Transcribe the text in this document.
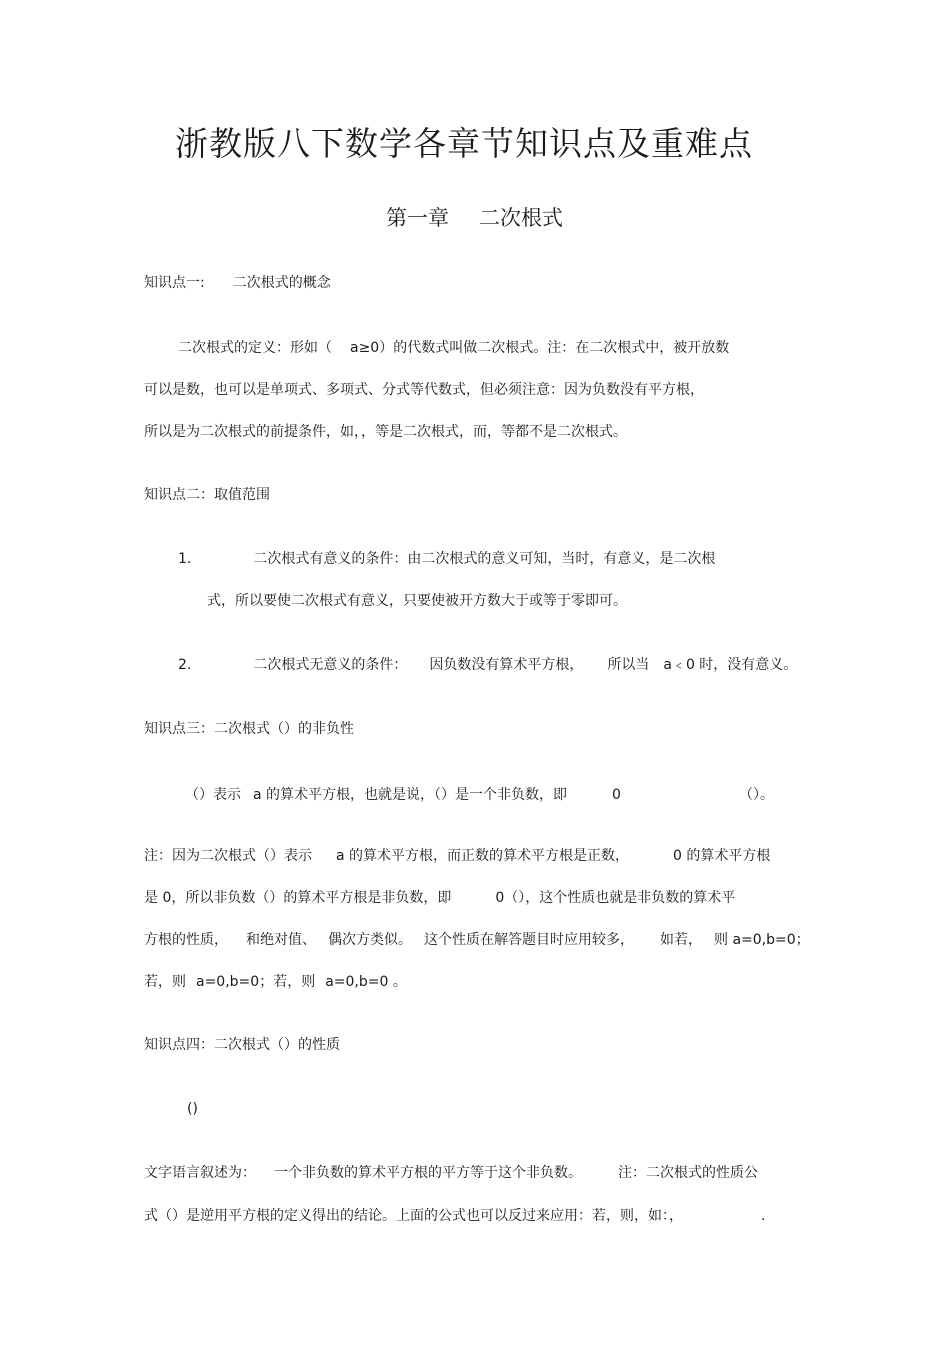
浙教版八下数学各章节知识点及重难点
第一章 二次根式
知识点一: 二次根式的概念
二次根式的定义：形如（ a≥0）的代数式叫做二次根式。注：在二次根式中，被开放数
可以是数，也可以是单项式、多项式、分式等代数式，但必须注意：因为负数没有平方根，
所以是为二次根式的前提条件，如，，等是二次根式，而，等都不是二次根式。
知识点二：取值范围
1.	二次根式有意义的条件：由二次根式的意义可知，当时，有意义，是二次根
式，所以要使二次根式有意义，只要使被开方数大于或等于零即可。
2.	二次根式无意义的条件： 因负数没有算术平方根， 所以当 a﹤0 时，没有意义。
知识点三：二次根式（）的非负性
（）表示 a 的算术平方根，也就是说，（）是一个非负数，即	0	（）。
注：因为二次根式（）表示 a 的算术平方根，而正数的算术平方根是正数，	0 的算术平方根
是 0，所以非负数（）的算术平方根是非负数，即	0（），这个性质也就是非负数的算术平
方根的性质， 和绝对值、 偶次方类似。 这个性质在解答题目时应用较多， 如若， 则 a=0,b=0；
若，则 a=0,b=0；若，则 a=0,b=0 。
知识点四：二次根式（）的性质
()
文字语言叙述为： 一个非负数的算术平方根的平方等于这个非负数。	注：二次根式的性质公
式（）是逆用平方根的定义得出的结论。上面的公式也可以反过来应用：若，则，如：，	.
